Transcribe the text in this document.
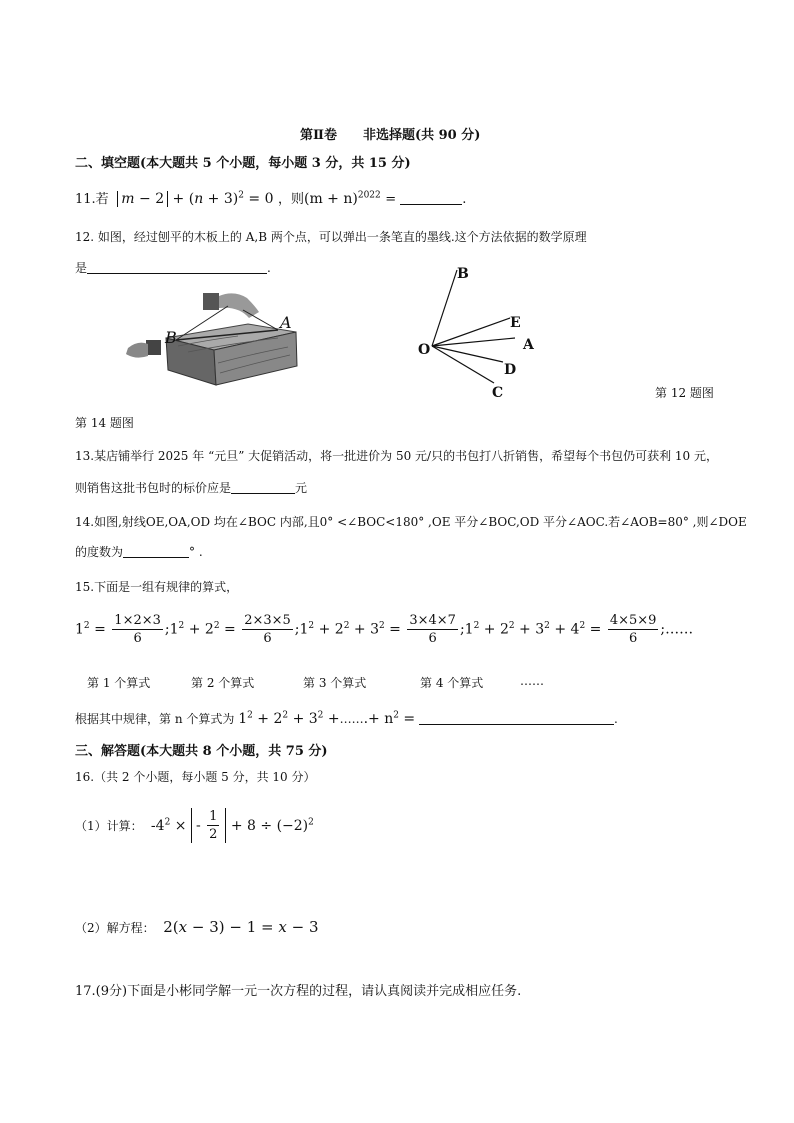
第Ⅱ卷　　非选择题(共 90 分)
二、填空题(本大题共 5 个小题，每小题 3 分，共 15 分)
11.若 $m - 2 + (n + 3)^2 = 0$ ，则$(m + n)^{2022}$ =	.
12. 如图，经过刨平的木板上的 A,B 两个点，可以弹出一条笔直的墨线.这个方法依据的数学原理
是	.
B
A
B
E
A
O
D
C	第 12 题图
第 14 题图
13.某店铺举行 2025 年 “元旦” 大促销活动，将一批进价为 50 元/只的书包打八折销售，希望每个书包仍可获利 10 元，
则销售这批书包时的标价应是	元
14.如图,射线OE,OA,OD 均在∠BOC 内部,且0° <∠BOC<180° ,OE 平分∠BOC,OD 平分∠AOC.若∠AOB=80° ,则∠DOE
的度数为	° .
15.下面是一组有规律的算式，
$1^2 = \frac{1\times 2\times 3}{6}$ $;1^2 + 2^2 = \frac{2\times 3\times 5}{6}$ $;1^2 + 2^2 + 3^2 = \frac{3\times 4\times 7}{6}$ $;1^2 + 2^2 + 3^2 + 4^2 = \frac{4\times 5\times 9}{6}$ ;……
第 1 个算式	第 2 个算式	第 3 个算式	第 4 个算式	……
根据其中规律，第 n 个算式为 $1^2 + 2^2 + 3^2$ +…….+ $n^2$ =	.
三、解答题(本大题共 8 个小题，共 75 分)
16.（共 2 个小题，每小题 5 分，共 10 分）
（1）计算：  $-4^2$ × - $\frac{1}{2} + 8 \div (-2)^2$
（2）解方程：  2(x − 3) − 1 = x − 3
17.(9分)下面是小彬同学解一元一次方程的过程，请认真阅读并完成相应任务.
